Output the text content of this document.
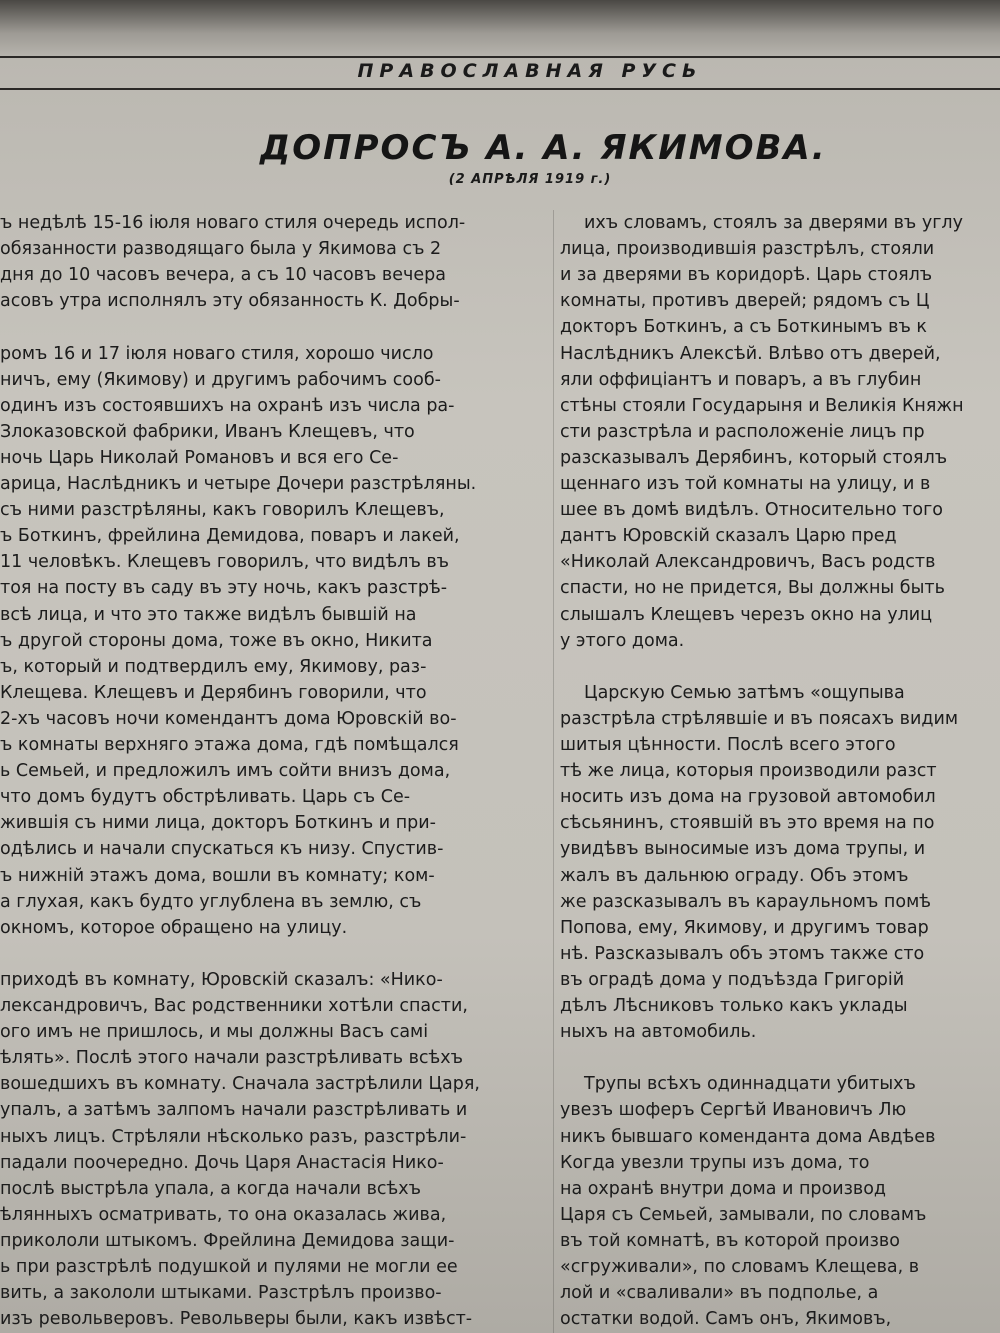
ПРАВОСЛАВНАЯ РУСЬ
ДОПРОСЪ А. А. ЯКИМОВА.
(2 АПРѢЛЯ 1919 г.)
ъ недѣлѣ 15-16 іюля новаго стиля очередь испол-
обязанности разводящаго была у Якимова съ 2
дня до 10 часовъ вечера, а съ 10 часовъ вечера
асовъ утра исполнялъ эту обязанность К. Добры-
ромъ 16 и 17 іюля новаго стиля, хорошо число
ничъ, ему (Якимову) и другимъ рабочимъ сооб-
одинъ изъ состоявшихъ на охранѣ изъ числа ра-
Злоказовской фабрики, Иванъ Клещевъ, что
ночь Царь Николай Романовъ и вся его Се-
арица, Наслѣдникъ и четыре Дочери разстрѣляны.
съ ними разстрѣляны, какъ говорилъ Клещевъ,
ъ Боткинъ, фрейлина Демидова, поваръ и лакей,
11 человѣкъ. Клещевъ говорилъ, что видѣлъ въ
тоя на посту въ саду въ эту ночь, какъ разстрѣ-
всѣ лица, и что это также видѣлъ бывшій на
ъ другой стороны дома, тоже въ окно, Никита
ъ, который и подтвердилъ ему, Якимову, раз-
Клещева. Клещевъ и Дерябинъ говорили, что
2-хъ часовъ ночи комендантъ дома Юровскій во-
ъ комнаты верхняго этажа дома, гдѣ помѣщался
ь Семьей, и предложилъ имъ сойти внизъ дома,
что домъ будутъ обстрѣливать. Царь съ Се-
жившія съ ними лица, докторъ Боткинъ и при-
одѣлись и начали спускаться къ низу. Спустив-
ъ нижній этажъ дома, вошли въ комнату; ком-
а глухая, какъ будто углублена въ землю, съ
окномъ, которое обращено на улицу.
приходѣ въ комнату, Юровскій сказалъ: «Нико-
лександровичъ, Вас родственники хотѣли спасти,
ого имъ не пришлось, и мы должны Васъ самі
ѣлять». Послѣ этого начали разстрѣливать всѣхъ
вошедшихъ въ комнату. Сначала застрѣлили Царя,
упалъ, а затѣмъ залпомъ начали разстрѣливать и
ныхъ лицъ. Стрѣляли нѣсколько разъ, разстрѣли-
падали поочередно. Дочь Царя Анастасія Нико-
послѣ выстрѣла упала, а когда начали всѣхъ
ѣлянныхъ осматривать, то она оказалась жива,
прикололи штыкомъ. Фрейлина Демидова защи-
ь при разстрѣлѣ подушкой и пулями не могли ее
вить, а закололи штыками. Разстрѣлъ произво-
изъ револьверовъ. Револьверы были, какъ извѣст-
ихъ словамъ, стоялъ за дверями въ углу
лица, производившія разстрѣлъ, стояли
и за дверями въ коридорѣ. Царь стоялъ
комнаты, противъ дверей; рядомъ съ Ц
докторъ Боткинъ, а съ Боткинымъ въ к
Наслѣдникъ Алексѣй. Влѣво отъ дверей,
яли оффиціантъ и поваръ, а въ глубин
стѣны стояли Государыня и Великія Княжн
сти разстрѣла и расположеніе лицъ пр
разсказывалъ Дерябинъ, который стоялъ
щеннаго изъ той комнаты на улицу, и в
шее въ домѣ видѣлъ. Относительно того
дантъ Юровскій сказалъ Царю пред
«Николай Александровичъ, Васъ родств
спасти, но не придется, Вы должны быть
слышалъ Клещевъ черезъ окно на улиц
у этого дома.
Царскую Семью затѣмъ «ощупыва
разстрѣла стрѣлявшіе и въ поясахъ видим
шитыя цѣнности. Послѣ всего этого
тѣ же лица, которыя производили разст
носить изъ дома на грузовой автомобил
сѣсьянинъ, стоявшій въ это время на по
увидѣвъ выносимые изъ дома трупы, и
жалъ въ дальнюю ограду. Объ этомъ
же разсказывалъ въ караульномъ помѣ
Попова, ему, Якимову, и другимъ товар
нѣ. Разсказывалъ объ этомъ также сто
въ оградѣ дома у подъѣзда Григорій
дѣлъ Лѣсниковъ только какъ уклады
ныхъ на автомобиль.
Трупы всѣхъ одиннадцати убитыхъ
увезъ шоферъ Сергѣй Ивановичъ Лю
никъ бывшаго коменданта дома Авдѣев
Когда увезли трупы изъ дома, то
на охранѣ внутри дома и производ
Царя съ Семьей, замывали, по словамъ
въ той комнатѣ, въ которой произво
«сгруживали», по словамъ Клещева, в
лой и «сваливали» въ подполье, а
остатки водой. Самъ онъ, Якимовъ,
